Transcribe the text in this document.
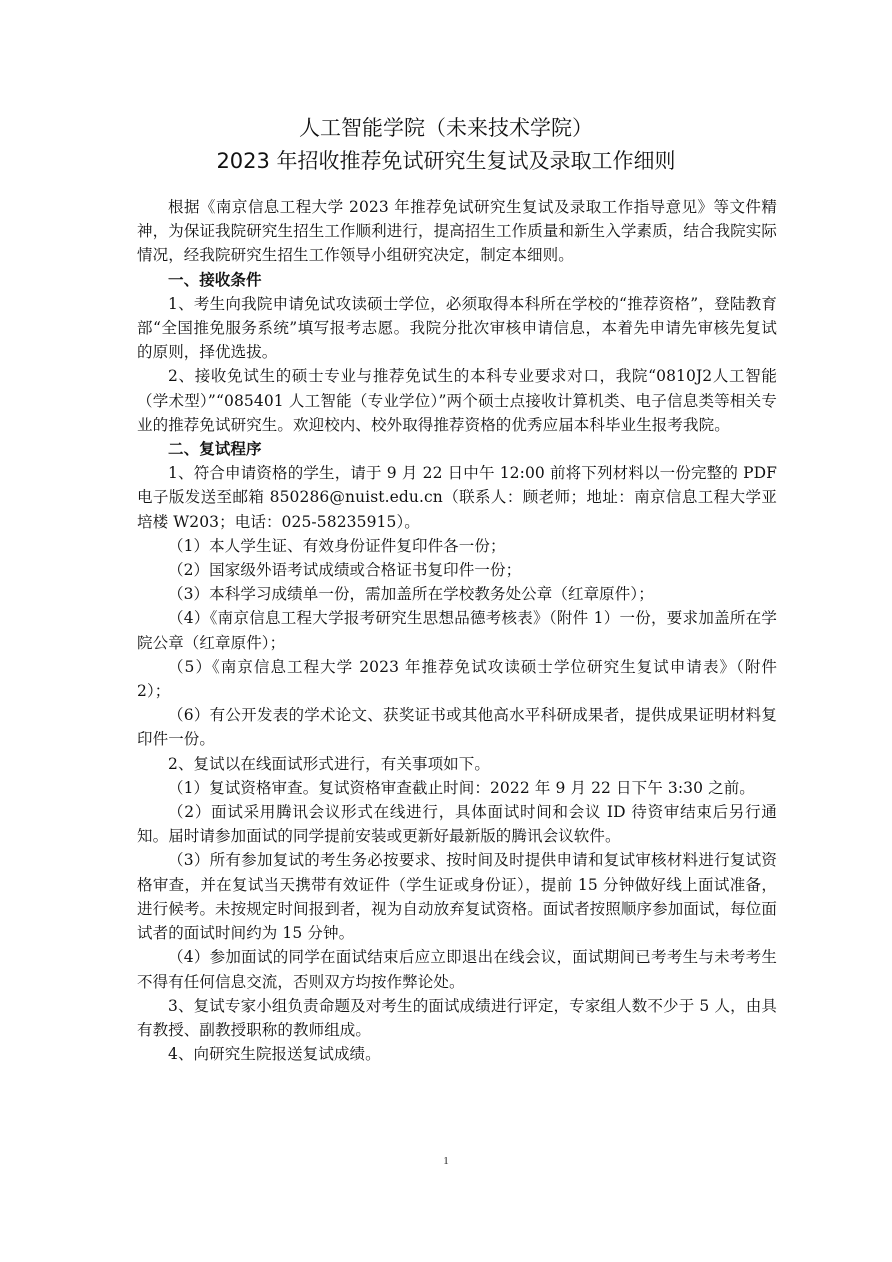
人工智能学院（未来技术学院）
2023 年招收推荐免试研究生复试及录取工作细则

根据《南京信息工程大学 2023 年推荐免试研究生复试及录取工作指导意见》等文件精神，为保证我院研究生招生工作顺利进行，提高招生工作质量和新生入学素质，结合我院实际情况，经我院研究生招生工作领导小组研究决定，制定本细则。

一、接收条件

1、考生向我院申请免试攻读硕士学位，必须取得本科所在学校的“推荐资格”，登陆教育部“全国推免服务系统”填写报考志愿。我院分批次审核申请信息，本着先申请先审核先复试的原则，择优选拔。

2、接收免试生的硕士专业与推荐免试生的本科专业要求对口，我院“0810J2人工智能（学术型）”“085401 人工智能（专业学位）”两个硕士点接收计算机类、电子信息类等相关专业的推荐免试研究生。欢迎校内、校外取得推荐资格的优秀应届本科毕业生报考我院。

二、复试程序

1、符合申请资格的学生，请于 9 月 22 日中午 12:00 前将下列材料以一份完整的 PDF 电子版发送至邮箱 850286@nuist.edu.cn（联系人：顾老师；地址：南京信息工程大学亚培楼 W203；电话：025-58235915）。

（1）本人学生证、有效身份证件复印件各一份；

（2）国家级外语考试成绩或合格证书复印件一份；

（3）本科学习成绩单一份，需加盖所在学校教务处公章（红章原件）；

（4）《南京信息工程大学报考研究生思想品德考核表》（附件 1）一份，要求加盖所在学院公章（红章原件）；

（5）《南京信息工程大学 2023 年推荐免试攻读硕士学位研究生复试申请表》（附件 2）；

（6）有公开发表的学术论文、获奖证书或其他高水平科研成果者，提供成果证明材料复印件一份。

2、复试以在线面试形式进行，有关事项如下。

（1）复试资格审查。复试资格审查截止时间：2022 年 9 月 22 日下午 3:30 之前。

（2）面试采用腾讯会议形式在线进行，具体面试时间和会议 ID 待资审结束后另行通知。届时请参加面试的同学提前安装或更新好最新版的腾讯会议软件。

（3）所有参加复试的考生务必按要求、按时间及时提供申请和复试审核材料进行复试资格审查，并在复试当天携带有效证件（学生证或身份证），提前 15 分钟做好线上面试准备，进行候考。未按规定时间报到者，视为自动放弃复试资格。面试者按照顺序参加面试，每位面试者的面试时间约为 15 分钟。

（4）参加面试的同学在面试结束后应立即退出在线会议，面试期间已考考生与未考考生不得有任何信息交流，否则双方均按作弊论处。

3、复试专家小组负责命题及对考生的面试成绩进行评定，专家组人数不少于 5 人，由具有教授、副教授职称的教师组成。

4、向研究生院报送复试成绩。

1
